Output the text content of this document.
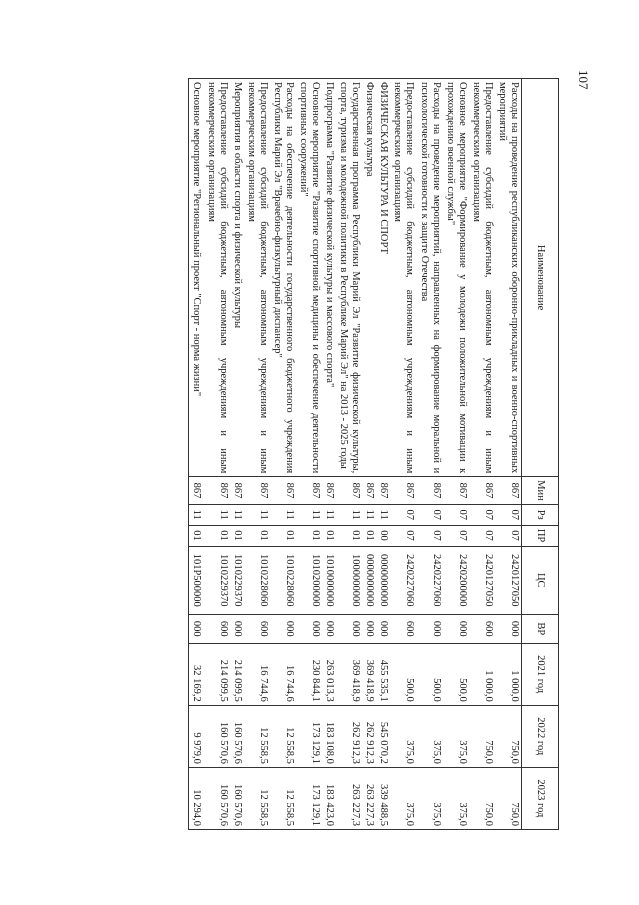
107
Наименование	Мин	Рз	ПР	ЦС	ВР	2021 год	2022 год	2023 год
Расходы на проведение республиканских оборонно-прикладных и военно-спортивных мероприятий	867	07	07	2420127050	000	1 000,0	750,0	750,0
Предоставление субсидий бюджетным, автономным учреждениям и иным некоммерческим организациям	867	07	07	2420127050	600	1 000,0	750,0	750,0
Основное мероприятие "Формирование у молодежи положительной мотивации к прохождению военной службы"	867	07	07	2420200000	000	500,0	375,0	375,0
Расходы на проведение мероприятий, направленных на формирование моральной и психологической готовности к защите Отечества	867	07	07	2420227060	000	500,0	375,0	375,0
Предоставление субсидий бюджетным, автономным учреждениям и иным некоммерческим организациям	867	07	07	2420227060	600	500,0	375,0	375,0
ФИЗИЧЕСКАЯ КУЛЬТУРА И СПОРТ	867	11	00	0000000000	000	455 535,1	545 070,2	339 488,5
Физическая культура	867	11	01	0000000000	000	369 418,9	262 912,3	263 227,3
Государственная программа Республики Марий Эл "Развитие физической культуры, спорта, туризма и молодежной политики в Республике Марий Эл" на 2013 - 2025 годы	867	11	01	1000000000	000	369 418,9	262 912,3	263 227,3
Подпрограмма "Развитие физической культуры и массового спорта"	867	11	01	1010000000	000	263 013,3	183 108,0	183 423,0
Основное мероприятие "Развитие спортивной медицины и обеспечение деятельности спортивных сооружений"	867	11	01	1010200000	000	230 844,1	173 129,1	173 129,1
Расходы на обеспечение деятельности государственного бюджетного учреждения Республики Марий Эл "Врачебно-физкультурный диспансер"	867	11	01	1010228060	000	16 744,6	12 558,5	12 558,5
Предоставление субсидий бюджетным, автономным учреждениям и иным некоммерческим организациям	867	11	01	1010228060	600	16 744,6	12 558,5	12 558,5
Мероприятия в области спорта и физической культуры	867	11	01	1010229370	000	214 099,5	160 570,6	160 570,6
Предоставление субсидий бюджетным, автономным учреждениям и иным некоммерческим организациям	867	11	01	1010229370	600	214 099,5	160 570,6	160 570,6
Основное мероприятие "Региональный проект "Спорт - норма жизни"	867	11	01	101P500000	000	32 169,2	9 979,0	10 294,0
